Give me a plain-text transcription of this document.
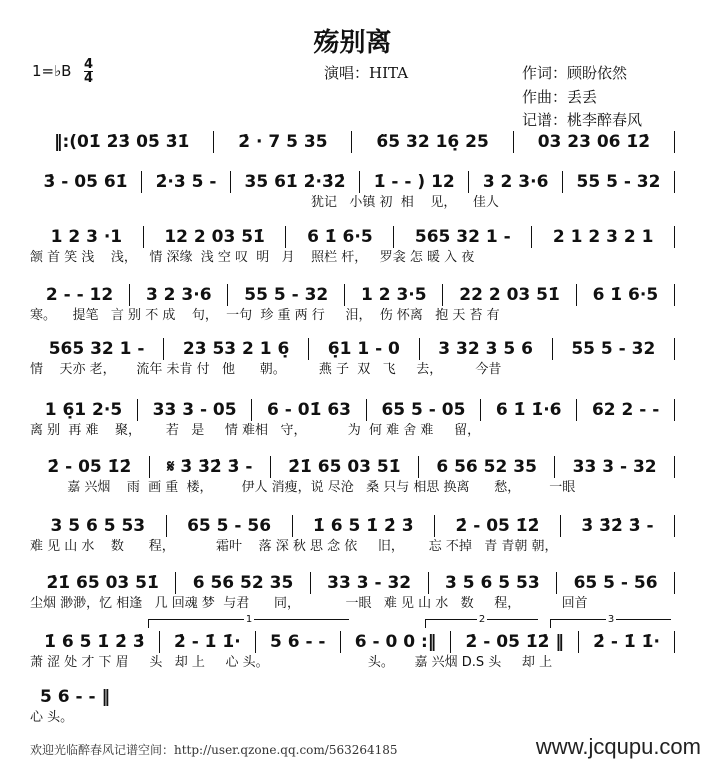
殇别离
1=♭B 4
4	演唱：HITA	作词：顾盼依然
作曲：丢丢
记谱：桃李醉春风
‖:(01̇ 2̇3̇ 05̇ 3̇1̇	2̇ · 7 5 35	6̈5 32 16̣ 25	03 23 06 1̇2̇
3̇ - 05 61̇	2̇·3 5 -	35 61̇ 2̇·3̇2̇	1̇ - - ) 12	3 2 3·6	55 5 - 32
犹记   小镇 初  相    见，    佳人
1 2 3 ·1	12 2 03 51̇	6 1̇ 6·5	565 32 1 -	2 1 2 3 2 1
颔 首 笑 浅    浅，   情 深缘  浅 空 叹  明   月    照栏 杆，   罗衾 怎 暖 入 夜
2 - - 12	3 2 3·6	55 5 - 32	1 2 3·5	22 2 03 51̇	6 1̇ 6·5
寒。    提笔   言 别 不 成    句，  一句  珍 重 两 行     泪，  伤 怀离   抱 天 苔 有
565 32 1 -	23 53 2 1 6̣	6̣1 1 - 0	3 32 3 5 6	55 5 - 32
情    天亦 老，     流年 未肯 付   他      朝。        燕 子  双   飞     去，        今昔
1 6̣1 2·5	33 3 - 05	6 - 01̇ 63	65 5 - 05	6 1̇ 1̇·6	62 2 - -
离 别  再 难    聚，      若   是     情 难相   守，          为  何 难 舍 难     留，
2̇ - 05 1̇2̇	𝄋 3̇ 3̇2̇ 3̇ -	2̇1̇ 65 03 51̇	6 56 52 35	33 3 - 32
嘉 兴烟    雨  画 重  楼，       伊人 消瘦，说 尽沧   桑 只与 相思 换离      愁，       一眼
3 5 6 5 53	65 5 - 56	1̇ 6 5 1̇ 2̇ 3̇	2̇ - 05 1̇2̇	3̇ 3̇2̇ 3̇ -
难 见 山 水    数      程，          霜叶    落 深 秋 思 念 依     旧，      忘 不掉   青 青朝 朝，
2̇1̇ 65 03 51̇	6 56 52 35	33 3 - 32	3 5 6 5 53	65 5 - 56
尘烟 渺渺，忆 相逢   几 回魂 梦  与君      同，           一眼   难 见 山 水   数     程，          回首
1̇ 6 5 1̇ 2̇ 3̇	2̇ - 1̇ 1̇·	5 6 - -	6 - 0 0 :‖	2̇ - 05 1̇2̇ ‖	2̇ - 1̇ 1̇·
萧 涩 处 才 下 眉     头   却 上     心 头。                        头。     嘉 兴烟 D.S 头     却 上
5 6 - - ‖
心 头。
1	2	3
欢迎光临醉春风记谱空间：http://user.qzone.qq.com/563264185	www.jcqupu.com
